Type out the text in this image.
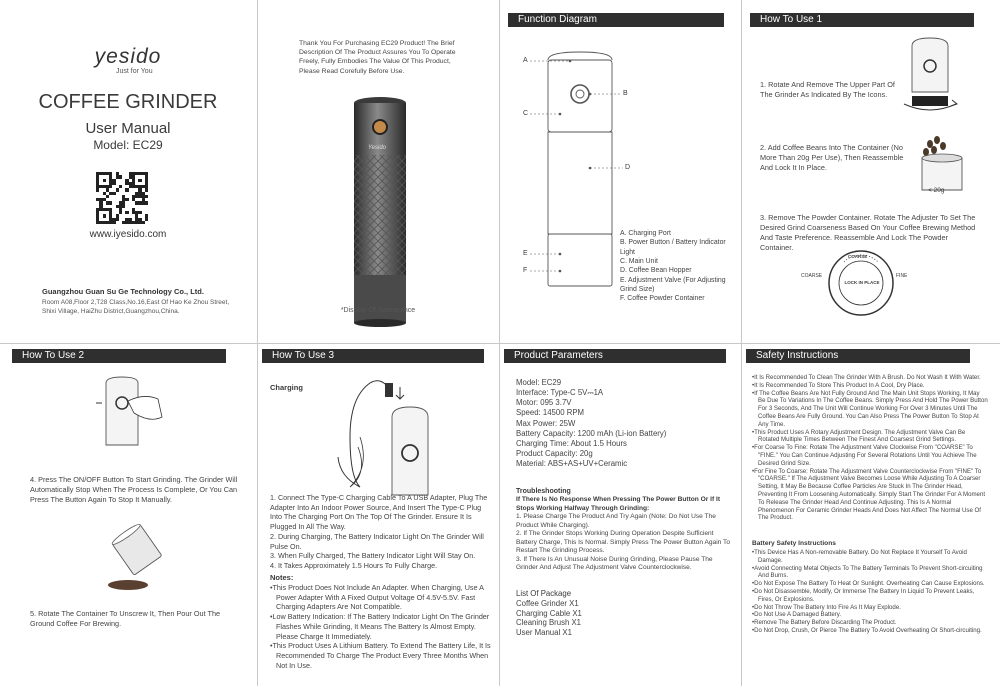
yesido
Just for You
COFFEE GRINDER
User Manual
Model: EC29
www.iyesido.com
Guangzhou Guan Su Ge Technology Co., Ltd.
Room A08,Floor 2,T28 Class,No.16,East Of Hao Ke Zhou Street, Shixi Village, HaiZhu District,Guangzhou,China.
Thank You For Purchasing EC29 Product! The Brief Description Of The Product Assures You To Operate Freely, Fully Embodies The Value Of This Product, Please Read Corefully Before Use.
Yesido
*Display Of Appearance
Function Diagram
A
B
C
D
E
F

A. Charging Port

B. Power Button / Battery Indicator Light

C. Main Unit

D. Coffee Bean Hopper

E. Adjustment Valve (For Adjusting Grind Size)

F. Coffee Powder Container

How To Use 1
1. Rotate And Remove The Upper Part Of The Grinder As Indicated By The Icons.
< 20g
2. Add Coffee Beans Into The Container (No More Than 20g Per Use), Then Reassemble And Lock It In Place.
3. Remove The Powder Container. Rotate The Adjuster To Set The Desired Grind Coarseness Based On Your Coffee Brewing Method And Taste Preference. Reassemble And Lock The Powder Container.
COARSE	FINE
COARSE
LOCK IN PLACE
How To Use 2
4. Press The ON/OFF Button To Start Grinding. The Grinder Will Automatically Stop When The Process Is Complete, Or You Can Press The Button Again To Stop It Manually.
5. Rotate The Container To Unscrew It, Then Pour Out The Ground Coffee For Brewing.
How To Use 3
Charging

1. Connect The Type-C Charging Cable To A USB Adapter, Plug The Adapter Into An Indoor Power Source, And Insert The Type-C Plug Into The Charging Port On The Top Of The Grinder. Ensure It Is Plugged In All The Way.

2. During Charging, The Battery Indicator Light On The Grinder Will Pulse On.

3. When Fully Charged, The Battery Indicator Light Will Stay On.

4. It Takes Approximately 1.5 Hours To Fully Charge.

Notes:
• This Product Does Not Include An Adapter. When Charging, Use A Power Adapter With A Fixed Output Voltage Of 4.5V-5.5V. Fast Charging Adapters Are Not Compatible.
• Low Battery Indication: If The Battery Indicator Light On The Grinder Flashes While Grinding, It Means The Battery Is Almost Empty. Please Charge It Immediately.
• This Product Uses A Lithium Battery. To Extend The Battery Life, It Is Recommended To Charge The Product Every Three Months When Not In Use.
Product Parameters

Model: EC29

Interface: Type-C 5V⎓1A

Motor: 095 3.7V

Speed: 14500 RPM

Max Power: 25W

Battery Capacity: 1200 mAh (Li-ion Battery)

Charging Time: About 1.5 Hours

Product Capacity: 20g

Material: ABS+AS+UV+Ceramic

Troubleshooting
If There Is No Response When Pressing The Power Button Or If It Stops Working Halfway Through Grinding:

1. Please Charge The Product And Try Again (Note: Do Not Use The Product While Charging).

2. If The Grinder Stops Working During Operation Despite Sufficient Battery Charge, This Is Normal. Simply Press The Power Button Again To Restart The Grinding Process.

3. If There Is An Unusual Noise During Grinding, Please Pause The Grinder And Adjust The Adjustment Valve Counterclockwise.

List Of Package

Coffee Grinder X1

Charging Cable X1

Cleaning Brush X1

User Manual X1

Safety Instructions
• It Is Recommended To Clean The Grinder With A Brush. Do Not Wash It With Water.
• It Is Recommended To Store This Product In A Cool, Dry Place.
• If The Coffee Beans Are Not Fully Ground And The Main Unit Stops Working, It May Be Due To Variations In The Coffee Beans. Simply Press And Hold The Power Button For 3 Seconds, And The Unit Will Continue Working For Over 3 Minutes Until The Coffee Beans Are Fully Ground. You Can Also Press The Power Button To Stop At Any Time.
• This Product Uses A Rotary Adjustment Design. The Adjustment Valve Can Be Rotated Multiple Times Between The Finest And Coarsest Grind Settings.
• For Coarse To Fine: Rotate The Adjustment Valve Clockwise From "COARSE" To "FINE." You Can Continue Adjusting For Several Rotations Until You Achieve The Desired Grind Size.
• For Fine To Coarse: Rotate The Adjustment Valve Counterclockwise From "FINE" To "COARSE." If The Adjustment Valve Becomes Loose While Adjusting To A Coarser Setting, It May Be Because Coffee Particles Are Stuck In The Grinder Head, Preventing It From Loosening Automatically. Simply Start The Grinder For A Moment To Release The Grinder Head And Continue Adjusting. This Is A Normal Phenomenon For Ceramic Grinder Heads And Does Not Affect The Normal Use Of The Product.
Battery Safety Instructions
• This Device Has A Non-removable Battery. Do Not Replace It Yourself To Avoid Damage.
• Avoid Connecting Metal Objects To The Battery Terminals To Prevent Short-circuiting And Burns.
• Do Not Expose The Battery To Heat Or Sunlight. Overheating Can Cause Explosions.
• Do Not Disassemble, Modify, Or Immerse The Battery In Liquid To Prevent Leaks, Fires, Or Explosions.
• Do Not Throw The Battery Into Fire As It May Explode.
• Do Not Use A Damaged Battery.
• Remove The Battery Before Discarding The Product.
• Do Not Drop, Crush, Or Pierce The Battery To Avoid Overheating Or Short-circuiting.
